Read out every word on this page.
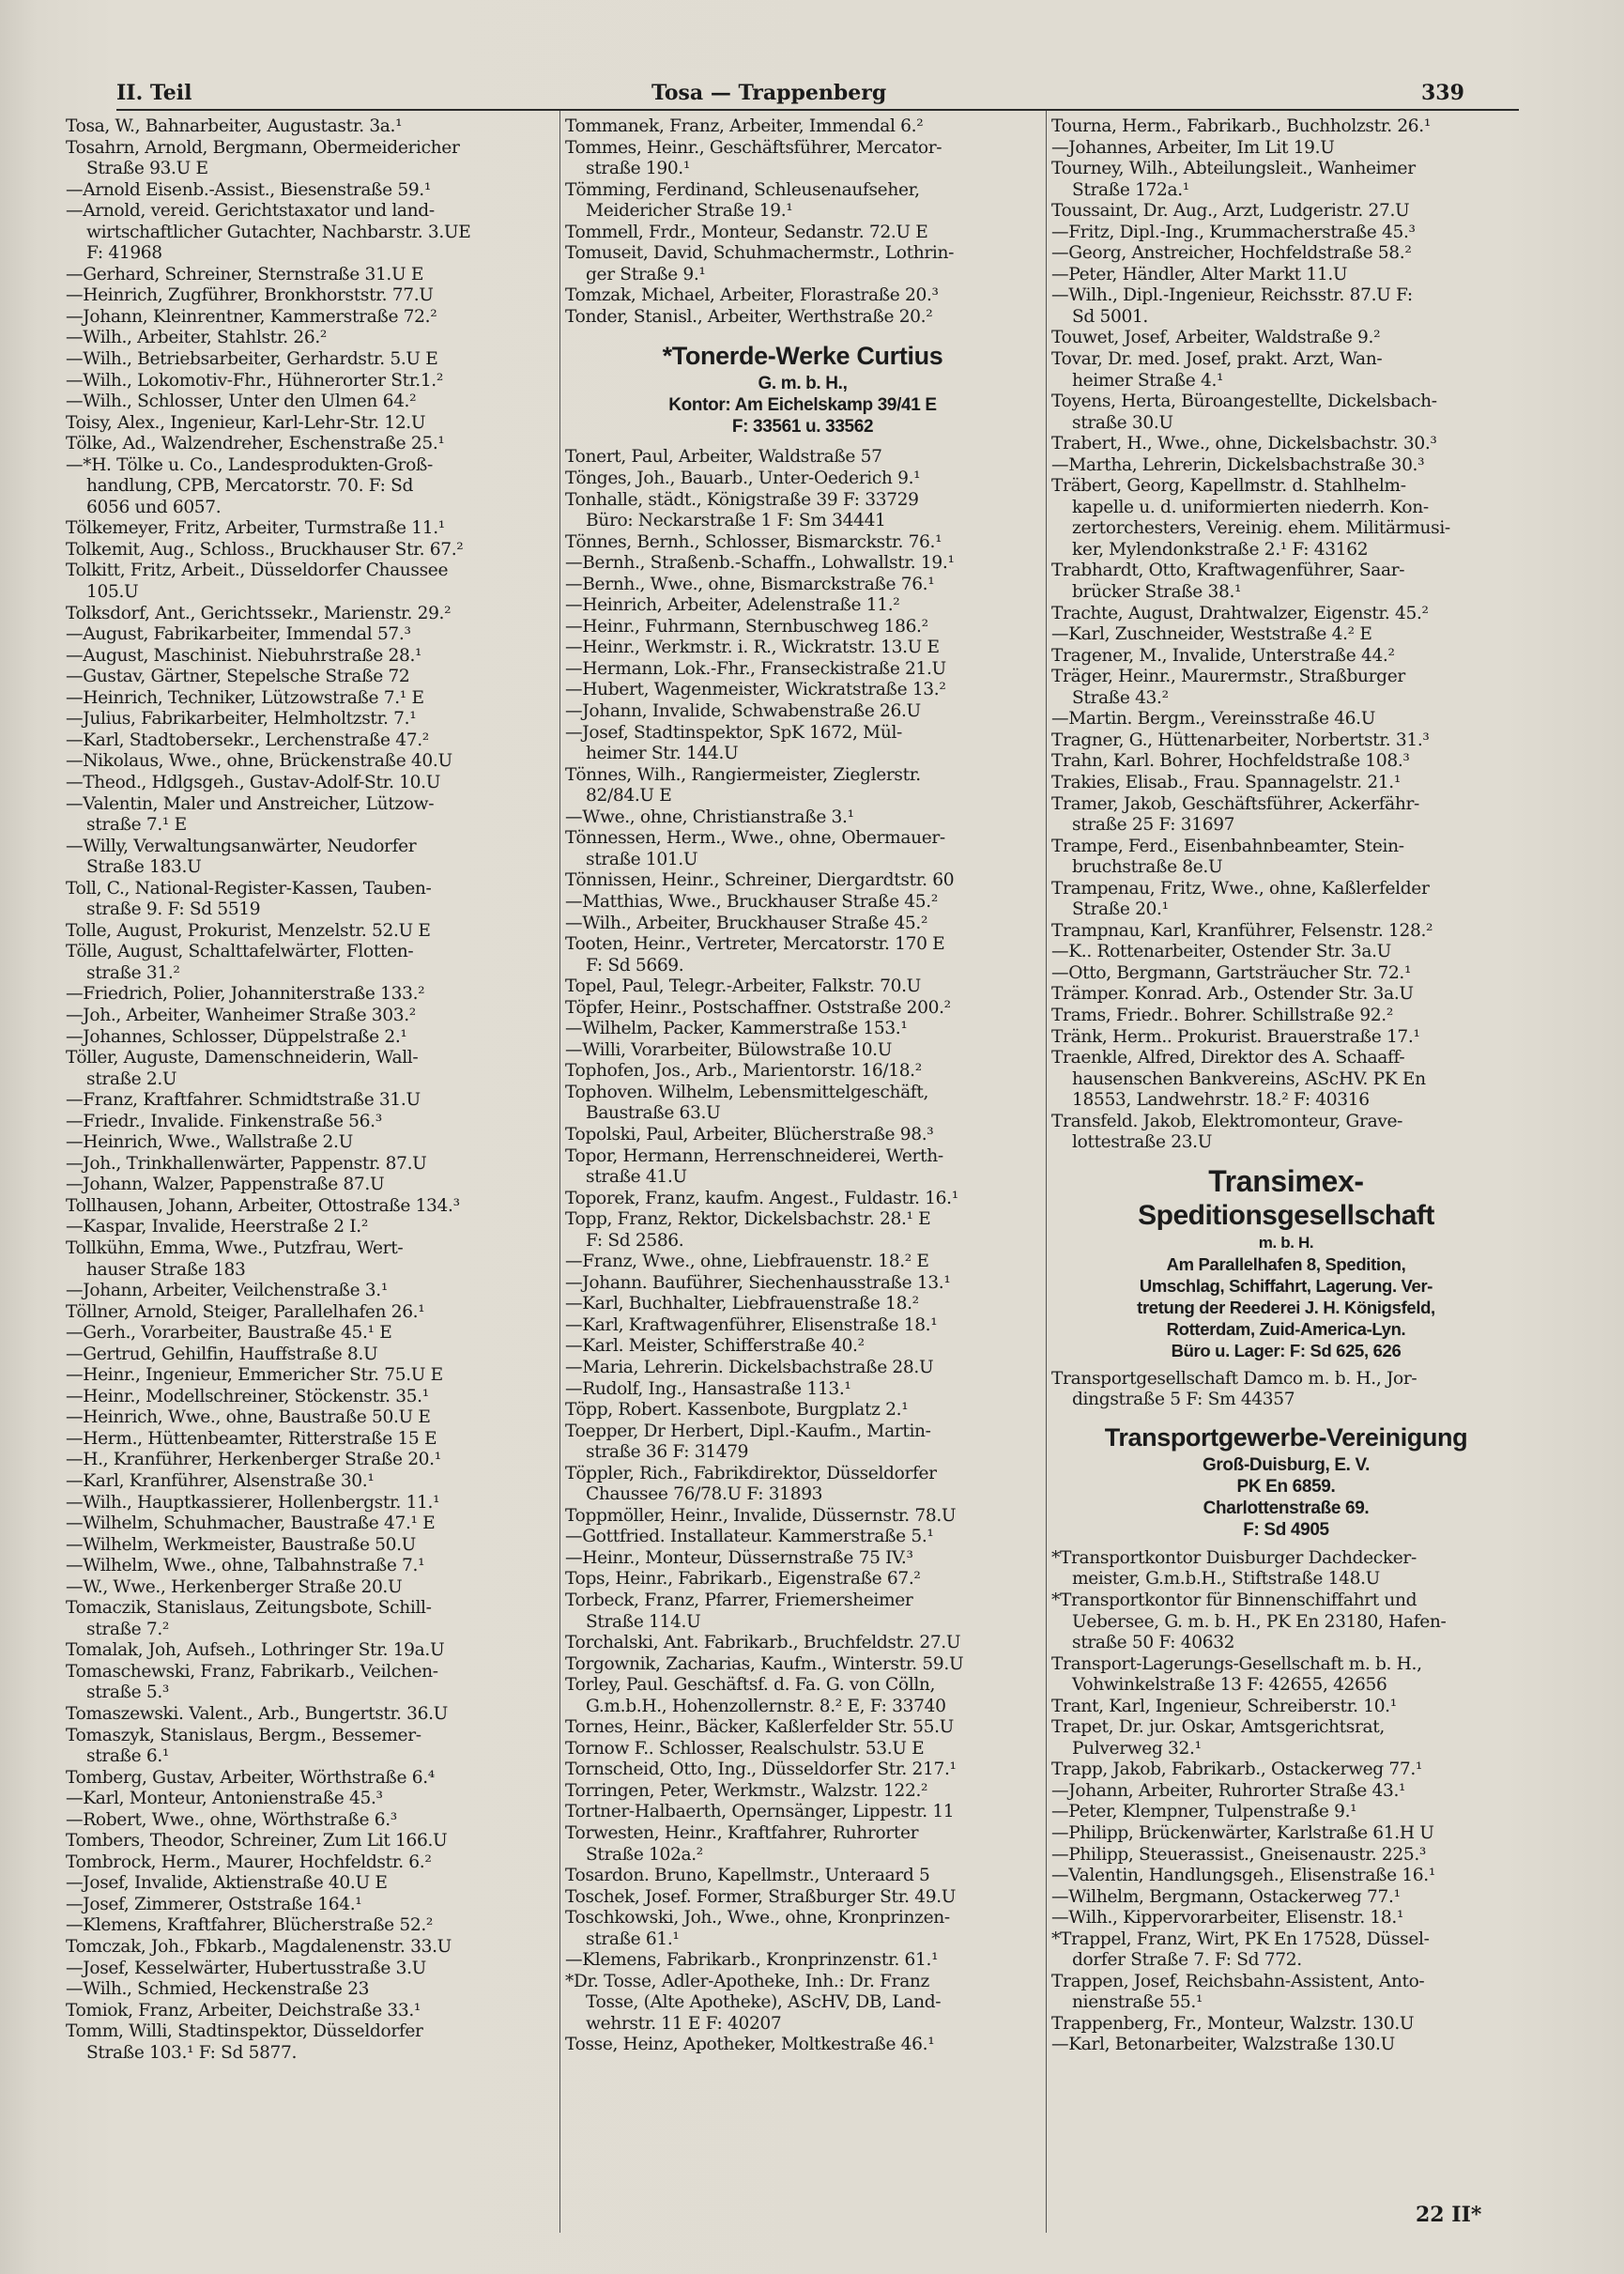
II. Teil	Tosa — Trappenberg	339
Tosa, W., Bahnarbeiter, Augustastr. 3a.¹
Tosahrn, Arnold, Bergmann, Obermeidericher
Straße 93.U E
—Arnold Eisenb.-Assist., Biesenstraße 59.¹
—Arnold, vereid. Gerichtstaxator und land-
wirtschaftlicher Gutachter, Nachbarstr. 3.UE
F: 41968
—Gerhard, Schreiner, Sternstraße 31.U E
—Heinrich, Zugführer, Bronkhorststr. 77.U
—Johann, Kleinrentner, Kammerstraße 72.²
—Wilh., Arbeiter, Stahlstr. 26.²
—Wilh., Betriebsarbeiter, Gerhardstr. 5.U E
—Wilh., Lokomotiv-Fhr., Hühnerorter Str.1.²
—Wilh., Schlosser, Unter den Ulmen 64.²
Toisy, Alex., Ingenieur, Karl-Lehr-Str. 12.U
Tölke, Ad., Walzendreher, Eschenstraße 25.¹
—*H. Tölke u. Co., Landesprodukten-Groß-
handlung, CPB, Mercatorstr. 70. F: Sd
6056 und 6057.
Tölkemeyer, Fritz, Arbeiter, Turmstraße 11.¹
Tolkemit, Aug., Schloss., Bruckhauser Str. 67.²
Tolkitt, Fritz, Arbeit., Düsseldorfer Chaussee
105.U
Tolksdorf, Ant., Gerichtssekr., Marienstr. 29.²
—August, Fabrikarbeiter, Immendal 57.³
—August, Maschinist. Niebuhrstraße 28.¹
—Gustav, Gärtner, Stepelsche Straße 72
—Heinrich, Techniker, Lützowstraße 7.¹ E
—Julius, Fabrikarbeiter, Helmholtzstr. 7.¹
—Karl, Stadtobersekr., Lerchenstraße 47.²
—Nikolaus, Wwe., ohne, Brückenstraße 40.U
—Theod., Hdlgsgeh., Gustav-Adolf-Str. 10.U
—Valentin, Maler und Anstreicher, Lützow-
straße 7.¹ E
—Willy, Verwaltungsanwärter, Neudorfer
Straße 183.U
Toll, C., National-Register-Kassen, Tauben-
straße 9. F: Sd 5519
Tolle, August, Prokurist, Menzelstr. 52.U E
Tölle, August, Schalttafelwärter, Flotten-
straße 31.²
—Friedrich, Polier, Johanniterstraße 133.²
—Joh., Arbeiter, Wanheimer Straße 303.²
—Johannes, Schlosser, Düppelstraße 2.¹
Töller, Auguste, Damenschneiderin, Wall-
straße 2.U
—Franz, Kraftfahrer. Schmidtstraße 31.U
—Friedr., Invalide. Finkenstraße 56.³
—Heinrich, Wwe., Wallstraße 2.U
—Joh., Trinkhallenwärter, Pappenstr. 87.U
—Johann, Walzer, Pappenstraße 87.U
Tollhausen, Johann, Arbeiter, Ottostraße 134.³
—Kaspar, Invalide, Heerstraße 2 I.²
Tollkühn, Emma, Wwe., Putzfrau, Wert-
hauser Straße 183
—Johann, Arbeiter, Veilchenstraße 3.¹
Töllner, Arnold, Steiger, Parallelhafen 26.¹
—Gerh., Vorarbeiter, Baustraße 45.¹ E
—Gertrud, Gehilfin, Hauffstraße 8.U
—Heinr., Ingenieur, Emmericher Str. 75.U E
—Heinr., Modellschreiner, Stöckenstr. 35.¹
—Heinrich, Wwe., ohne, Baustraße 50.U E
—Herm., Hüttenbeamter, Ritterstraße 15 E
—H., Kranführer, Herkenberger Straße 20.¹
—Karl, Kranführer, Alsenstraße 30.¹
—Wilh., Hauptkassierer, Hollenbergstr. 11.¹
—Wilhelm, Schuhmacher, Baustraße 47.¹ E
—Wilhelm, Werkmeister, Baustraße 50.U
—Wilhelm, Wwe., ohne, Talbahnstraße 7.¹
—W., Wwe., Herkenberger Straße 20.U
Tomaczik, Stanislaus, Zeitungsbote, Schill-
straße 7.²
Tomalak, Joh, Aufseh., Lothringer Str. 19a.U
Tomaschewski, Franz, Fabrikarb., Veilchen-
straße 5.³
Tomaszewski. Valent., Arb., Bungertstr. 36.U
Tomaszyk, Stanislaus, Bergm., Bessemer-
straße 6.¹
Tomberg, Gustav, Arbeiter, Wörthstraße 6.⁴
—Karl, Monteur, Antonienstraße 45.³
—Robert, Wwe., ohne, Wörthstraße 6.³
Tombers, Theodor, Schreiner, Zum Lit 166.U
Tombrock, Herm., Maurer, Hochfeldstr. 6.²
—Josef, Invalide, Aktienstraße 40.U E
—Josef, Zimmerer, Oststraße 164.¹
—Klemens, Kraftfahrer, Blücherstraße 52.²
Tomczak, Joh., Fbkarb., Magdalenenstr. 33.U
—Josef, Kesselwärter, Hubertusstraße 3.U
—Wilh., Schmied, Heckenstraße 23
Tomiok, Franz, Arbeiter, Deichstraße 33.¹
Tomm, Willi, Stadtinspektor, Düsseldorfer
Straße 103.¹ F: Sd 5877.
Tommanek, Franz, Arbeiter, Immendal 6.²
Tommes, Heinr., Geschäftsführer, Mercator-
straße 190.¹
Tömming, Ferdinand, Schleusenaufseher,
Meidericher Straße 19.¹
Tommell, Frdr., Monteur, Sedanstr. 72.U E
Tomuseit, David, Schuhmachermstr., Lothrin-
ger Straße 9.¹
Tomzak, Michael, Arbeiter, Florastraße 20.³
Tonder, Stanisl., Arbeiter, Werthstraße 20.²
*Tonerde-Werke Curtius
G. m. b. H.,
Kontor: Am Eichelskamp 39/41 E
F: 33561 u. 33562
Tonert, Paul, Arbeiter, Waldstraße 57
Tönges, Joh., Bauarb., Unter-Oederich 9.¹
Tonhalle, städt., Königstraße 39 F: 33729
Büro: Neckarstraße 1 F: Sm 34441
Tönnes, Bernh., Schlosser, Bismarckstr. 76.¹
—Bernh., Straßenb.-Schaffn., Lohwallstr. 19.¹
—Bernh., Wwe., ohne, Bismarckstraße 76.¹
—Heinrich, Arbeiter, Adelenstraße 11.²
—Heinr., Fuhrmann, Sternbuschweg 186.²
—Heinr., Werkmstr. i. R., Wickratstr. 13.U E
—Hermann, Lok.-Fhr., Franseckistraße 21.U
—Hubert, Wagenmeister, Wickratstraße 13.²
—Johann, Invalide, Schwabenstraße 26.U
—Josef, Stadtinspektor, SpK 1672, Mül-
heimer Str. 144.U
Tönnes, Wilh., Rangiermeister, Zieglerstr.
82/84.U E
—Wwe., ohne, Christianstraße 3.¹
Tönnessen, Herm., Wwe., ohne, Obermauer-
straße 101.U
Tönnissen, Heinr., Schreiner, Diergardtstr. 60
—Matthias, Wwe., Bruckhauser Straße 45.²
—Wilh., Arbeiter, Bruckhauser Straße 45.²
Tooten, Heinr., Vertreter, Mercatorstr. 170 E
F: Sd 5669.
Topel, Paul, Telegr.-Arbeiter, Falkstr. 70.U
Töpfer, Heinr., Postschaffner. Oststraße 200.²
—Wilhelm, Packer, Kammerstraße 153.¹
—Willi, Vorarbeiter, Bülowstraße 10.U
Tophofen, Jos., Arb., Marientorstr. 16/18.²
Tophoven. Wilhelm, Lebensmittelgeschäft,
Baustraße 63.U
Topolski, Paul, Arbeiter, Blücherstraße 98.³
Topor, Hermann, Herrenschneiderei, Werth-
straße 41.U
Toporek, Franz, kaufm. Angest., Fuldastr. 16.¹
Topp, Franz, Rektor, Dickelsbachstr. 28.¹ E
F: Sd 2586.
—Franz, Wwe., ohne, Liebfrauenstr. 18.² E
—Johann. Bauführer, Siechenhausstraße 13.¹
—Karl, Buchhalter, Liebfrauenstraße 18.²
—Karl, Kraftwagenführer, Elisenstraße 18.¹
—Karl. Meister, Schifferstraße 40.²
—Maria, Lehrerin. Dickelsbachstraße 28.U
—Rudolf, Ing., Hansastraße 113.¹
Töpp, Robert. Kassenbote, Burgplatz 2.¹
Toepper, Dr Herbert, Dipl.-Kaufm., Martin-
straße 36 F: 31479
Töppler, Rich., Fabrikdirektor, Düsseldorfer
Chaussee 76/78.U F: 31893
Toppmöller, Heinr., Invalide, Düssernstr. 78.U
—Gottfried. Installateur. Kammerstraße 5.¹
—Heinr., Monteur, Düssernstraße 75 IV.³
Tops, Heinr., Fabrikarb., Eigenstraße 67.²
Torbeck, Franz, Pfarrer, Friemersheimer
Straße 114.U
Torchalski, Ant. Fabrikarb., Bruchfeldstr. 27.U
Torgownik, Zacharias, Kaufm., Winterstr. 59.U
Torley, Paul. Geschäftsf. d. Fa. G. von Cölln,
G.m.b.H., Hohenzollernstr. 8.² E, F: 33740
Tornes, Heinr., Bäcker, Kaßlerfelder Str. 55.U
Tornow F.. Schlosser, Realschulstr. 53.U E
Tornscheid, Otto, Ing., Düsseldorfer Str. 217.¹
Torringen, Peter, Werkmstr., Walzstr. 122.²
Tortner-Halbaerth, Opernsänger, Lippestr. 11
Torwesten, Heinr., Kraftfahrer, Ruhrorter
Straße 102a.²
Tosardon. Bruno, Kapellmstr., Unteraard 5
Toschek, Josef. Former, Straßburger Str. 49.U
Toschkowski, Joh., Wwe., ohne, Kronprinzen-
straße 61.¹
—Klemens, Fabrikarb., Kronprinzenstr. 61.¹
*Dr. Tosse, Adler-Apotheke, Inh.: Dr. Franz
Tosse, (Alte Apotheke), AScHV, DB, Land-
wehrstr. 11 E F: 40207
Tosse, Heinz, Apotheker, Moltkestraße 46.¹
Tourna, Herm., Fabrikarb., Buchholzstr. 26.¹
—Johannes, Arbeiter, Im Lit 19.U
Tourney, Wilh., Abteilungsleit., Wanheimer
Straße 172a.¹
Toussaint, Dr. Aug., Arzt, Ludgeristr. 27.U
—Fritz, Dipl.-Ing., Krummacherstraße 45.³
—Georg, Anstreicher, Hochfeldstraße 58.²
—Peter, Händler, Alter Markt 11.U
—Wilh., Dipl.-Ingenieur, Reichsstr. 87.U F:
Sd 5001.
Touwet, Josef, Arbeiter, Waldstraße 9.²
Tovar, Dr. med. Josef, prakt. Arzt, Wan-
heimer Straße 4.¹
Toyens, Herta, Büroangestellte, Dickelsbach-
straße 30.U
Trabert, H., Wwe., ohne, Dickelsbachstr. 30.³
—Martha, Lehrerin, Dickelsbachstraße 30.³
Träbert, Georg, Kapellmstr. d. Stahlhelm-
kapelle u. d. uniformierten niederrh. Kon-
zertorchesters, Vereinig. ehem. Militärmusi-
ker, Mylendonkstraße 2.¹ F: 43162
Trabhardt, Otto, Kraftwagenführer, Saar-
brücker Straße 38.¹
Trachte, August, Drahtwalzer, Eigenstr. 45.²
—Karl, Zuschneider, Weststraße 4.² E
Tragener, M., Invalide, Unterstraße 44.²
Träger, Heinr., Maurermstr., Straßburger
Straße 43.²
—Martin. Bergm., Vereinsstraße 46.U
Tragner, G., Hüttenarbeiter, Norbertstr. 31.³
Trahn, Karl. Bohrer, Hochfeldstraße 108.³
Trakies, Elisab., Frau. Spannagelstr. 21.¹
Tramer, Jakob, Geschäftsführer, Ackerfähr-
straße 25 F: 31697
Trampe, Ferd., Eisenbahnbeamter, Stein-
bruchstraße 8e.U
Trampenau, Fritz, Wwe., ohne, Kaßlerfelder
Straße 20.¹
Trampnau, Karl, Kranführer, Felsenstr. 128.²
—K.. Rottenarbeiter, Ostender Str. 3a.U
—Otto, Bergmann, Gartsträucher Str. 72.¹
Trämper. Konrad. Arb., Ostender Str. 3a.U
Trams, Friedr.. Bohrer. Schillstraße 92.²
Tränk, Herm.. Prokurist. Brauerstraße 17.¹
Traenkle, Alfred, Direktor des A. Schaaff-
hausenschen Bankvereins, AScHV. PK En
18553, Landwehrstr. 18.² F: 40316
Transfeld. Jakob, Elektromonteur, Grave-
lottestraße 23.U
Transimex-
Speditionsgesellschaft
m. b. H.
Am Parallelhafen 8, Spedition,
Umschlag, Schiffahrt, Lagerung. Ver-
tretung der Reederei J. H. Königsfeld,
Rotterdam, Zuid-America-Lyn.
Büro u. Lager: F: Sd 625, 626
Transportgesellschaft Damco m. b. H., Jor-
dingstraße 5 F: Sm 44357
Transportgewerbe-Vereinigung
Groß-Duisburg, E. V.
PK En 6859.
Charlottenstraße 69.
F: Sd 4905
*Transportkontor Duisburger Dachdecker-
meister, G.m.b.H., Stiftstraße 148.U
*Transportkontor für Binnenschiffahrt und
Uebersee, G. m. b. H., PK En 23180, Hafen-
straße 50 F: 40632
Transport-Lagerungs-Gesellschaft m. b. H.,
Vohwinkelstraße 13 F: 42655, 42656
Trant, Karl, Ingenieur, Schreiberstr. 10.¹
Trapet, Dr. jur. Oskar, Amtsgerichtsrat,
Pulverweg 32.¹
Trapp, Jakob, Fabrikarb., Ostackerweg 77.¹
—Johann, Arbeiter, Ruhrorter Straße 43.¹
—Peter, Klempner, Tulpenstraße 9.¹
—Philipp, Brückenwärter, Karlstraße 61.H U
—Philipp, Steuerassist., Gneisenaustr. 225.³
—Valentin, Handlungsgeh., Elisenstraße 16.¹
—Wilhelm, Bergmann, Ostackerweg 77.¹
—Wilh., Kippervorarbeiter, Elisenstr. 18.¹
*Trappel, Franz, Wirt, PK En 17528, Düssel-
dorfer Straße 7. F: Sd 772.
Trappen, Josef, Reichsbahn-Assistent, Anto-
nienstraße 55.¹
Trappenberg, Fr., Monteur, Walzstr. 130.U
—Karl, Betonarbeiter, Walzstraße 130.U
22 II*
